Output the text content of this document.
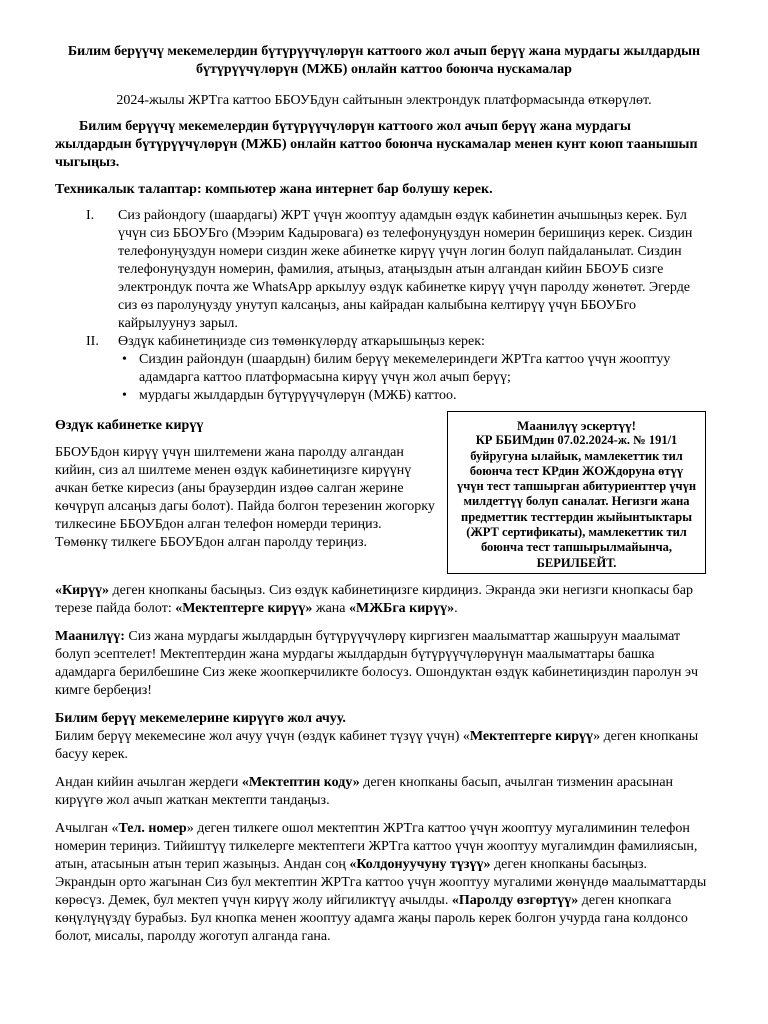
Билим берүүчү мекемелердин бүтүрүүчүлөрүн каттоого жол ачып берүү жана мурдагы жылдардын бүтүрүүчүлөрүн (МЖБ) онлайн каттоо боюнча нускамалар

2024-жылы ЖРТга каттоо ББОУБдун сайтынын электрондук платформасында өткөрүлөт.

Билим берүүчү мекемелердин бүтүрүүчүлөрүн каттоого жол ачып берүү жана мурдагы жылдардын бүтүрүүчүлөрүн (МЖБ) онлайн каттоо боюнча нускамалар менен кунт коюп таанышып чыгыңыз.

Техникалык талаптар: компьютер жана интернет бар болушу керек.

I. Сиз райондогу (шаардагы) ЖРТ үчүн жооптуу адамдын өздүк кабинетин ачышыңыз керек. Бул үчүн сиз ББОУБго (Мээрим Кадыровага) өз телефонуңуздун номерин беришиңиз керек. Сиздин телефонуңуздун номери сиздин жеке абинетке кирүү үчүн логин болуп пайдаланылат. Сиздин телефонуңуздун номерин, фамилия, атыңыз, атаңыздын атын алгандан кийин ББОУБ сизге электрондук почта же WhatsApp аркылуу өздүк кабинетке кирүү үчүн паролду жөнөтөт. Эгерде сиз өз паролуңузду унутуп калсаңыз, аны кайрадан калыбына келтирүү үчүн ББОУБго кайрылуунуз зарыл.
II. Өздүк кабинетиңизде сиз төмөнкүлөрдү аткарышыңыз керек:
• Сиздин райондун (шаардын) билим берүү мекемелериндеги ЖРТга каттоо үчүн жооптуу адамдарга каттоо платформасына кирүү үчүн жол ачып берүү;
• мурдагы жылдардын бүтүрүүчүлөрүн (МЖБ) каттоо.
Өздүк кабинетке кирүү

ББОУБдон кирүү үчүн шилтемени жана паролду алгандан кийин, сиз ал шилтеме менен өздүк кабинетиңизге кирүүнү ачкан бетке киресиз (аны браузердин издөө салган жерине көчүрүп алсаңыз дагы болот). Пайда болгон терезенин жогорку тилкесине ББОУБдон алган телефон номерди териңиз. Төмөнкү тилкеге ББОУБдон алган паролду териңиз.

Маанилүү эскертүү!

КР ББИМдин 07.02.2024-ж. № 191/1 буйругуна ылайык, мамлекеттик тил боюнча тест КРдин ЖОЖдоруна өтүү үчүн тест тапшырган абитуриенттер үчүн милдеттүү болуп саналат. Негизги жана предметтик тесттердин жыйынтыктары (ЖРТ сертификаты), мамлекеттик тил боюнча тест тапшырылмайынча, БЕРИЛБЕЙТ.

«Кирүү» деген кнопканы басыңыз. Сиз өздүк кабинетиңизге кирдиңиз. Экранда эки негизги кнопкасы бар терезе пайда болот: «Мектептерге кирүү» жана «МЖБга кирүү».

Маанилүү: Сиз жана мурдагы жылдардын бүтүрүүчүлөрү киргизген маалыматтар жашыруун маалымат болуп эсептелет! Мектептердин жана мурдагы жылдардын бүтүрүүчүлөрүнүн маалыматтары башка адамдарга берилбешине Сиз жеке жоопкерчиликте болосуз. Ошондуктан өздүк кабинетиңиздин паролун эч кимге бербеңиз!

Билим берүү мекемелерине кирүүгө жол ачуу.
Билим берүү мекемесине жол ачуу үчүн (өздүк кабинет түзүү үчүн) «Мектептерге кирүү» деген кнопканы басуу керек.

Андан кийин ачылган жердеги «Мектептин коду» деген кнопканы басып, ачылган тизменин арасынан кирүүгө жол ачып жаткан мектепти тандаңыз.

Ачылган «Тел. номер» деген тилкеге ошол мектептин ЖРТга каттоо үчүн жооптуу мугалиминин телефон номерин териңиз. Тийиштүү тилкелерге мектептеги ЖРТга каттоо үчүн жооптуу мугалимдин фамилиясын, атын, атасынын атын терип жазыңыз. Андан соң «Колдонуучуну түзүү» деген кнопканы басыңыз. Экрандын орто жагынан Сиз бул мектептин ЖРТга каттоо үчүн жооптуу мугалими жөнүндө маалыматтарды көрөсүз. Демек, бул мектеп үчүн кирүү жолу ийгиликтүү ачылды. «Паролду өзгөртүү» деген кнопкага көңүлүңүздү бурабыз. Бул кнопка менен жооптуу адамга жаңы пароль керек болгон учурда гана колдонсо болот, мисалы, паролду жоготуп алганда гана.
